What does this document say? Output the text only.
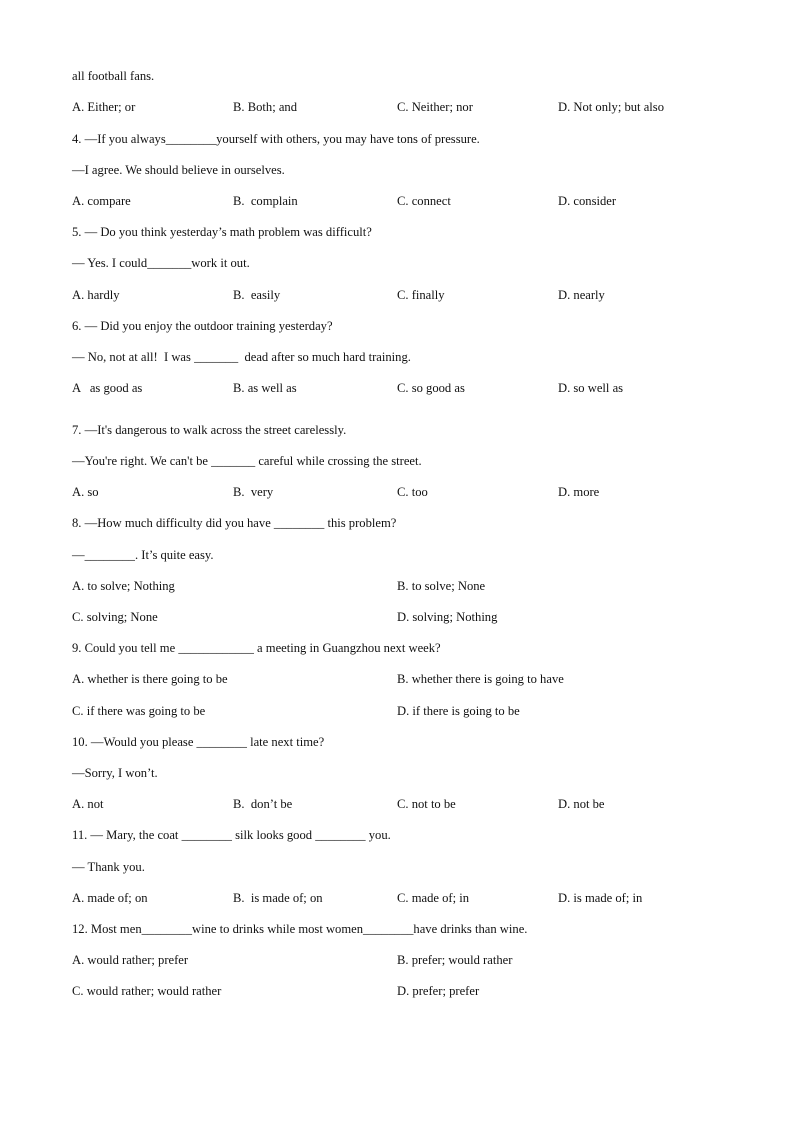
all football fans.
A. Either; or	B. Both; and	C. Neither; nor	D. Not only; but also
4. —If you always________yourself with others, you may have tons of pressure.
—I agree. We should believe in ourselves.
A. compare	B.  complain	C. connect	D. consider
5. — Do you think yesterday’s math problem was difficult?
— Yes. I could_______work it out.
A. hardly	B.  easily	C. finally	D. nearly
6. — Did you enjoy the outdoor training yesterday?
— No, not at all!  I was _______  dead after so much hard training.
A   as good as	B. as well as	C. so good as	D. so well as
7. —It's dangerous to walk across the street carelessly.
—You're right. We can't be _______ careful while crossing the street.
A. so	B.  very	C. too	D. more
8. —How much difficulty did you have ________ this problem?
—________. It’s quite easy.
A. to solve; Nothing	B. to solve; None
C. solving; None	D. solving; Nothing
9. Could you tell me ____________ a meeting in Guangzhou next week?
A. whether is there going to be	B. whether there is going to have
C. if there was going to be	D. if there is going to be
10. —Would you please ________ late next time?
—Sorry, I won’t.
A. not	B.  don’t be	C. not to be	D. not be
11. — Mary, the coat ________ silk looks good ________ you.
— Thank you.
A. made of; on	B.  is made of; on	C. made of; in	D. is made of; in
12. Most men________wine to drinks while most women________have drinks than wine.
A. would rather; prefer	B. prefer; would rather
C. would rather; would rather	D. prefer; prefer
